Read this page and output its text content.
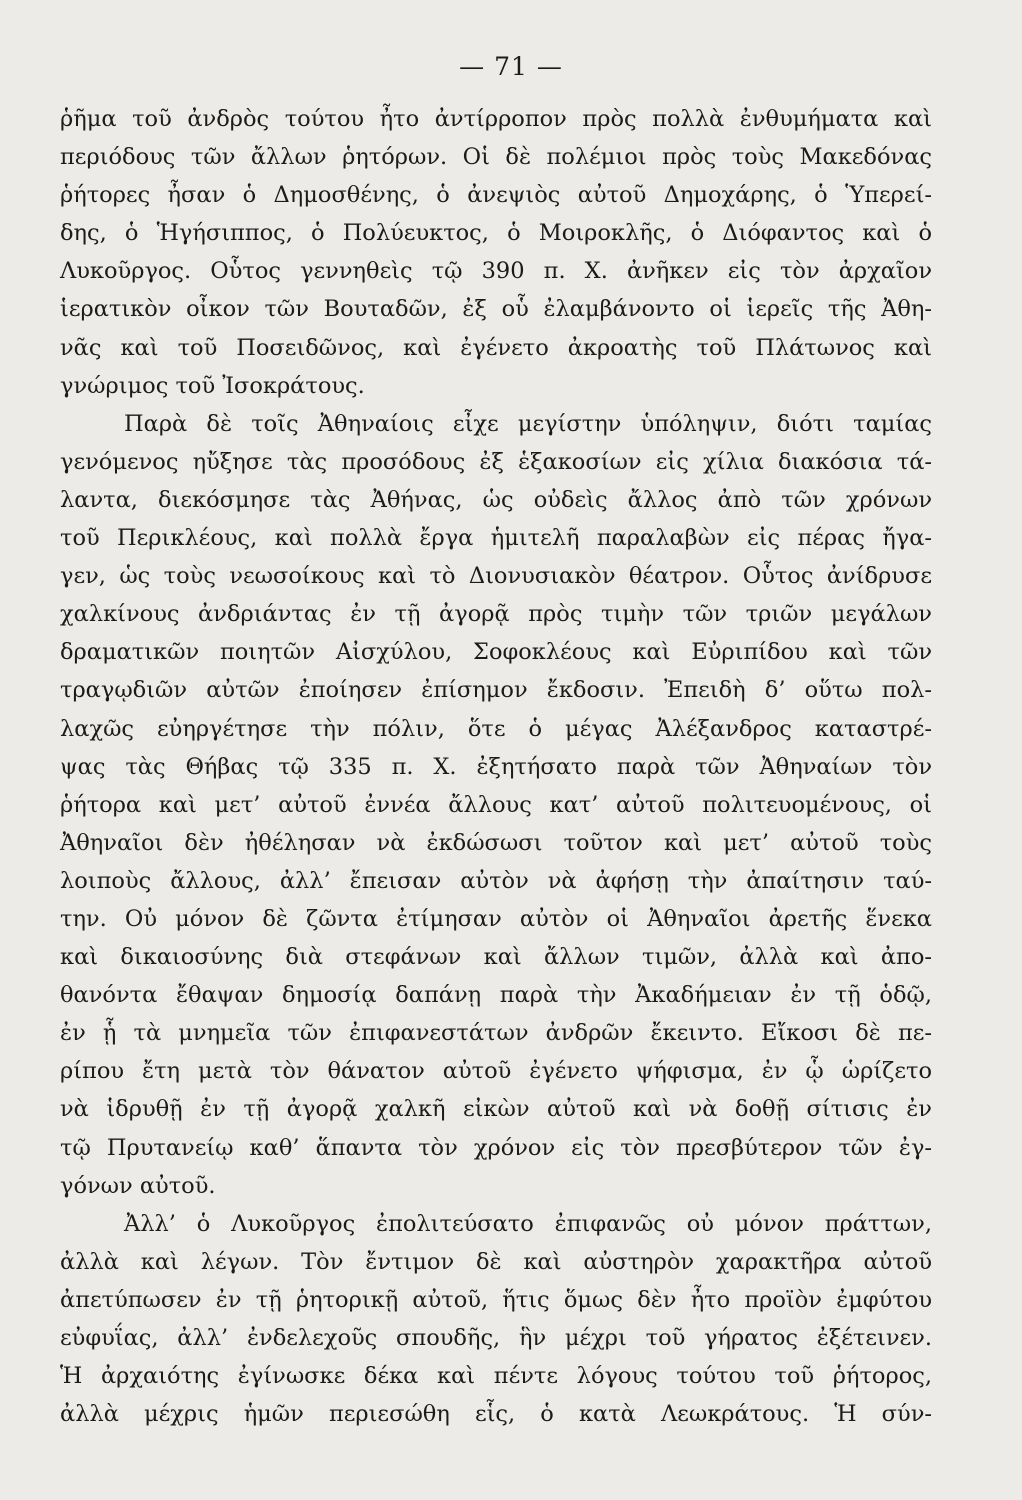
— 71 —
ῥῆμα τοῦ ἀνδρὸς τούτου ἦτο ἀντίρροπον πρὸς πολλὰ ἐνθυμήματα καὶ
περιόδους τῶν ἄλλων ῥητόρων. Οἱ δὲ πολέμιοι πρὸς τοὺς Μακεδόνας
ῥήτορες ἦσαν ὁ Δημοσθένης, ὁ ἀνεψιὸς αὐτοῦ Δημοχάρης, ὁ Ὑπερεί-
δης, ὁ Ἡγήσιππος, ὁ Πολύευκτος, ὁ Μοιροκλῆς, ὁ Διόφαντος καὶ ὁ
Λυκοῦργος. Οὗτος γεννηθεὶς τῷ 390 π. Χ. ἀνῆκεν εἰς τὸν ἀρχαῖον
ἱερατικὸν οἶκον τῶν Βουταδῶν, ἐξ οὗ ἐλαμβάνοντο οἱ ἱερεῖς τῆς Ἀθη-
νᾶς καὶ τοῦ Ποσειδῶνος, καὶ ἐγένετο ἀκροατὴς τοῦ Πλάτωνος καὶ
γνώριμος τοῦ Ἰσοκράτους.
Παρὰ δὲ τοῖς Ἀθηναίοις εἶχε μεγίστην ὑπόληψιν, διότι ταμίας
γενόμενος ηὔξησε τὰς προσόδους ἐξ ἑξακοσίων εἰς χίλια διακόσια τά-
λαντα, διεκόσμησε τὰς Ἀθήνας, ὡς οὐδεὶς ἄλλος ἀπὸ τῶν χρόνων
τοῦ Περικλέους, καὶ πολλὰ ἔργα ἡμιτελῆ παραλαβὼν εἰς πέρας ἤγα-
γεν, ὡς τοὺς νεωσοίκους καὶ τὸ Διονυσιακὸν θέατρον. Οὗτος ἀνίδρυσε
χαλκίνους ἀνδριάντας ἐν τῇ ἀγορᾷ πρὸς τιμὴν τῶν τριῶν μεγάλων
δραματικῶν ποιητῶν Αἰσχύλου, Σοφοκλέους καὶ Εὐριπίδου καὶ τῶν
τραγῳδιῶν αὐτῶν ἐποίησεν ἐπίσημον ἔκδοσιν. Ἐπειδὴ δ’ οὕτω πολ-
λαχῶς εὐηργέτησε τὴν πόλιν, ὅτε ὁ μέγας Ἀλέξανδρος καταστρέ-
ψας τὰς Θήβας τῷ 335 π. Χ. ἐξητήσατο παρὰ τῶν Ἀθηναίων τὸν
ῥήτορα καὶ μετ’ αὐτοῦ ἐννέα ἄλλους κατ’ αὐτοῦ πολιτευομένους, οἱ
Ἀθηναῖοι δὲν ἠθέλησαν νὰ ἐκδώσωσι τοῦτον καὶ μετ’ αὐτοῦ τοὺς
λοιποὺς ἄλλους, ἀλλ’ ἔπεισαν αὐτὸν νὰ ἀφήσῃ τὴν ἀπαίτησιν ταύ-
την. Οὐ μόνον δὲ ζῶντα ἐτίμησαν αὐτὸν οἱ Ἀθηναῖοι ἀρετῆς ἕνεκα
καὶ δικαιοσύνης διὰ στεφάνων καὶ ἄλλων τιμῶν, ἀλλὰ καὶ ἀπο-
θανόντα ἔθαψαν δημοσίᾳ δαπάνῃ παρὰ τὴν Ἀκαδήμειαν ἐν τῇ ὁδῷ,
ἐν ᾗ τὰ μνημεῖα τῶν ἐπιφανεστάτων ἀνδρῶν ἔκειντο. Εἴκοσι δὲ πε-
ρίπου ἔτη μετὰ τὸν θάνατον αὐτοῦ ἐγένετο ψήφισμα, ἐν ᾧ ὡρίζετο
νὰ ἱδρυθῇ ἐν τῇ ἀγορᾷ χαλκῆ εἰκὼν αὐτοῦ καὶ νὰ δοθῇ σίτισις ἐν
τῷ Πρυτανείῳ καθ’ ἅπαντα τὸν χρόνον εἰς τὸν πρεσβύτερον τῶν ἐγ-
γόνων αὐτοῦ.
Ἀλλ’ ὁ Λυκοῦργος ἐπολιτεύσατο ἐπιφανῶς οὐ μόνον πράττων,
ἀλλὰ καὶ λέγων. Τὸν ἔντιμον δὲ καὶ αὐστηρὸν χαρακτῆρα αὐτοῦ
ἀπετύπωσεν ἐν τῇ ῥητορικῇ αὐτοῦ, ἥτις ὅμως δὲν ἦτο προϊὸν ἐμφύτου
εὐφυΐας, ἀλλ’ ἐνδελεχοῦς σπουδῆς, ἣν μέχρι τοῦ γήρατος ἐξέτεινεν.
Ἡ ἀρχαιότης ἐγίνωσκε δέκα καὶ πέντε λόγους τούτου τοῦ ῥήτορος,
ἀλλὰ μέχρις ἡμῶν περιεσώθη εἷς, ὁ κατὰ Λεωκράτους. Ἡ σύν-
